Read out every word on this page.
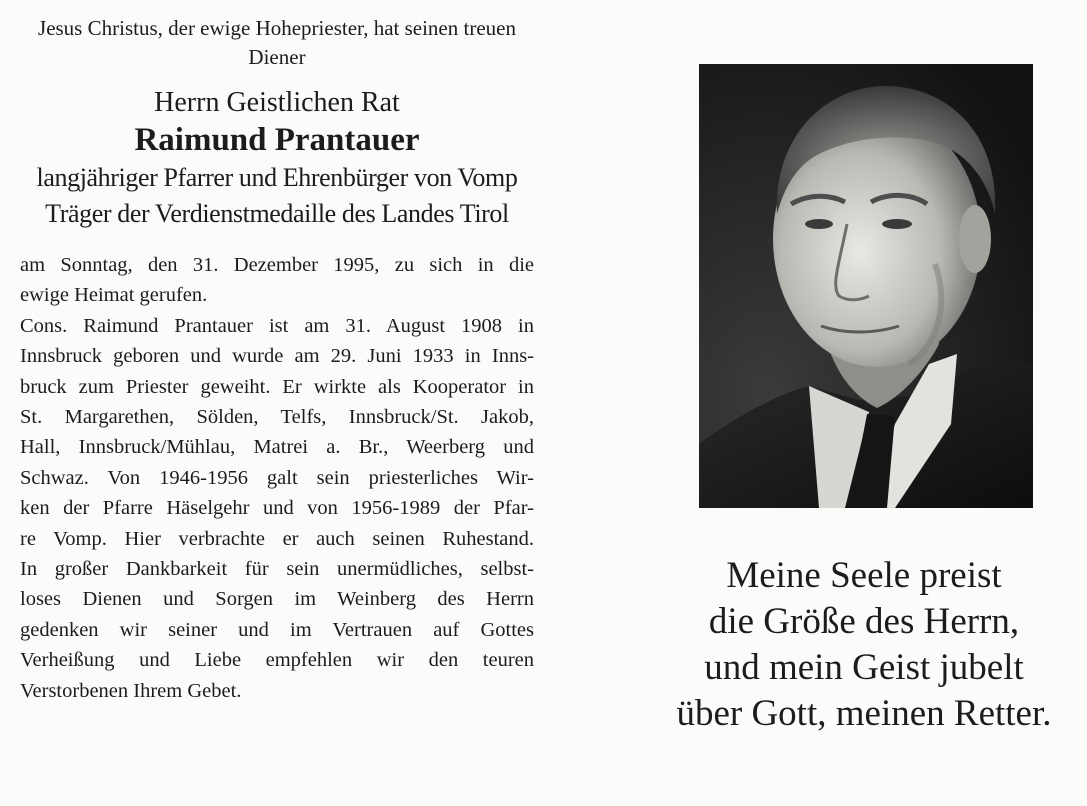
Jesus Christus, der ewige Hohepriester, hat seinen treuen Diener

Herrn Geistlichen Rat

Raimund Prantauer

langjähriger Pfarrer und Ehrenbürger von Vomp

Träger der Verdienstmedaille des Landes Tirol

am Sonntag, den 31. Dezember 1995, zu sich in die
ewige Heimat gerufen.

Cons. Raimund Prantauer ist am 31. August 1908 in
Innsbruck geboren und wurde am 29. Juni 1933 in Inns-
bruck zum Priester geweiht. Er wirkte als Kooperator in
St. Margarethen, Sölden, Telfs, Innsbruck/St. Jakob,
Hall, Innsbruck/Mühlau, Matrei a. Br., Weerberg und
Schwaz. Von 1946-1956 galt sein priesterliches Wir-
ken der Pfarre Häselgehr und von 1956-1989 der Pfar-
re Vomp. Hier verbrachte er auch seinen Ruhestand.
In großer Dankbarkeit für sein unermüdliches, selbst-
loses Dienen und Sorgen im Weinberg des Herrn
gedenken wir seiner und im Vertrauen auf Gottes
Verheißung und Liebe empfehlen wir den teuren
Verstorbenen Ihrem Gebet.

Meine Seele preist
die Größe des Herrn,
und mein Geist jubelt
über Gott, meinen Retter.
